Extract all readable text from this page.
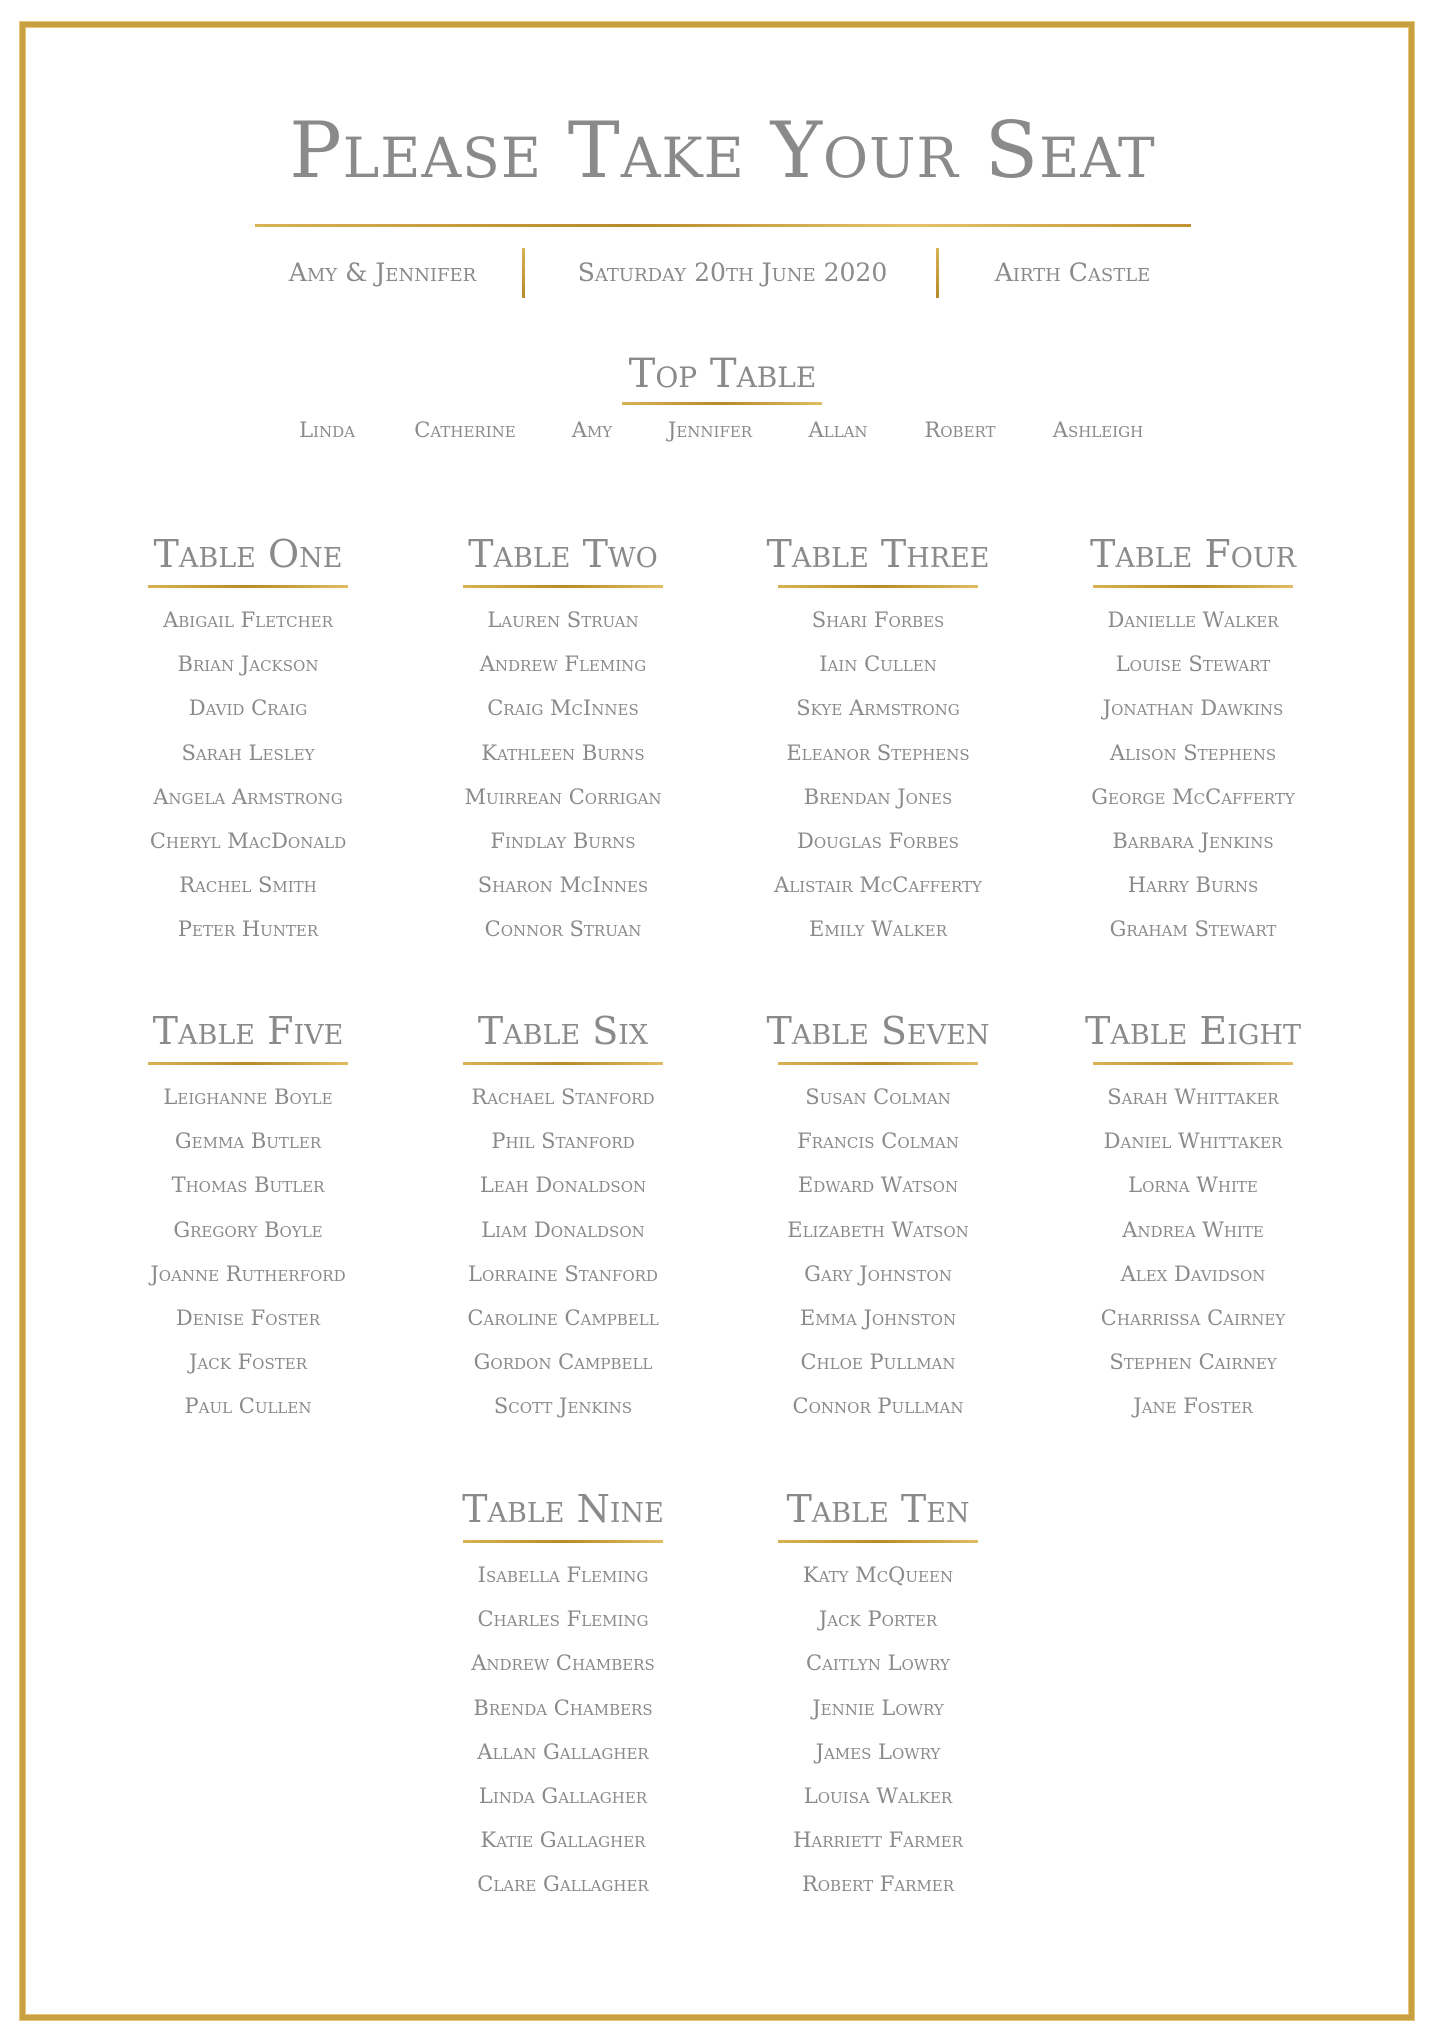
Please Take Your Seat
Amy & Jennifer	Saturday 20th June 2020	Airth Castle
Top Table
Linda	Catherine	Amy	Jennifer	Allan	Robert	Ashleigh
Table One
Abigail Fletcher
Brian Jackson
David Craig
Sarah Lesley
Angela Armstrong
Cheryl MacDonald
Rachel Smith
Peter Hunter
Table Two
Lauren Struan
Andrew Fleming
Craig McInnes
Kathleen Burns
Muirrean Corrigan
Findlay Burns
Sharon McInnes
Connor Struan
Table Three
Shari Forbes
Iain Cullen
Skye Armstrong
Eleanor Stephens
Brendan Jones
Douglas Forbes
Alistair McCafferty
Emily Walker
Table Four
Danielle Walker
Louise Stewart
Jonathan Dawkins
Alison Stephens
George McCafferty
Barbara Jenkins
Harry Burns
Graham Stewart
Table Five
Leighanne Boyle
Gemma Butler
Thomas Butler
Gregory Boyle
Joanne Rutherford
Denise Foster
Jack Foster
Paul Cullen
Table Six
Rachael Stanford
Phil Stanford
Leah Donaldson
Liam Donaldson
Lorraine Stanford
Caroline Campbell
Gordon Campbell
Scott Jenkins
Table Seven
Susan Colman
Francis Colman
Edward Watson
Elizabeth Watson
Gary Johnston
Emma Johnston
Chloe Pullman
Connor Pullman
Table Eight
Sarah Whittaker
Daniel Whittaker
Lorna White
Andrea White
Alex Davidson
Charrissa Cairney
Stephen Cairney
Jane Foster
Table Nine
Isabella Fleming
Charles Fleming
Andrew Chambers
Brenda Chambers
Allan Gallagher
Linda Gallagher
Katie Gallagher
Clare Gallagher
Table Ten
Katy McQueen
Jack Porter
Caitlyn Lowry
Jennie Lowry
James Lowry
Louisa Walker
Harriett Farmer
Robert Farmer
